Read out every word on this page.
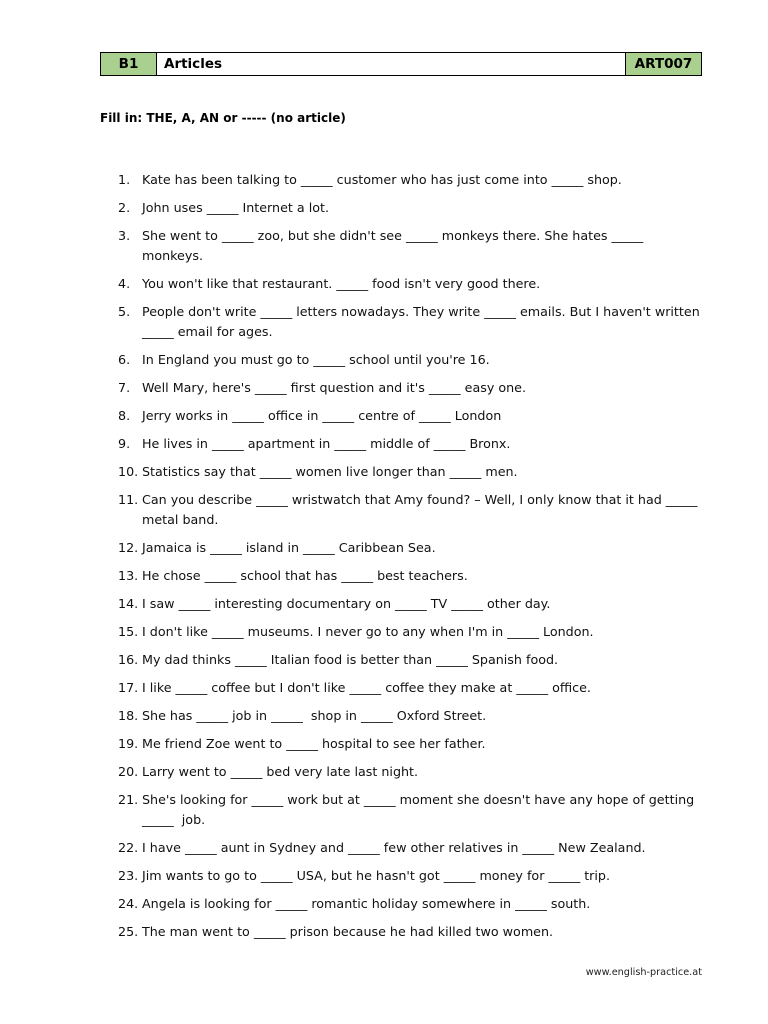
B1	Articles	ART007
Fill in: THE, A, AN or ----- (no article)
1. Kate has been talking to _____ customer who has just come into _____ shop.
2. John uses _____ Internet a lot.
3. She went to _____ zoo, but she didn't see _____ monkeys there. She hates _____
monkeys.
4. You won't like that restaurant. _____ food isn't very good there.
5. People don't write _____ letters nowadays. They write _____ emails. But I haven't written
_____ email for ages.
6. In England you must go to _____ school until you're 16.
7. Well Mary, here's _____ first question and it's _____ easy one.
8. Jerry works in _____ office in _____ centre of _____ London
9. He lives in _____ apartment in _____ middle of _____ Bronx.
10. Statistics say that _____ women live longer than _____ men.
11. Can you describe _____ wristwatch that Amy found? – Well, I only know that it had _____
metal band.
12. Jamaica is _____ island in _____ Caribbean Sea.
13. He chose _____ school that has _____ best teachers.
14. I saw _____ interesting documentary on _____ TV _____ other day.
15. I don't like _____ museums. I never go to any when I'm in _____ London.
16. My dad thinks _____ Italian food is better than _____ Spanish food.
17. I like _____ coffee but I don't like _____ coffee they make at _____ office.
18. She has _____ job in _____  shop in _____ Oxford Street.
19. Me friend Zoe went to _____ hospital to see her father.
20. Larry went to _____ bed very late last night.
21. She's looking for _____ work but at _____ moment she doesn't have any hope of getting
_____  job.
22. I have _____ aunt in Sydney and _____ few other relatives in _____ New Zealand.
23. Jim wants to go to _____ USA, but he hasn't got _____ money for _____ trip.
24. Angela is looking for _____ romantic holiday somewhere in _____ south.
25. The man went to _____ prison because he had killed two women.
www.english-practice.at
